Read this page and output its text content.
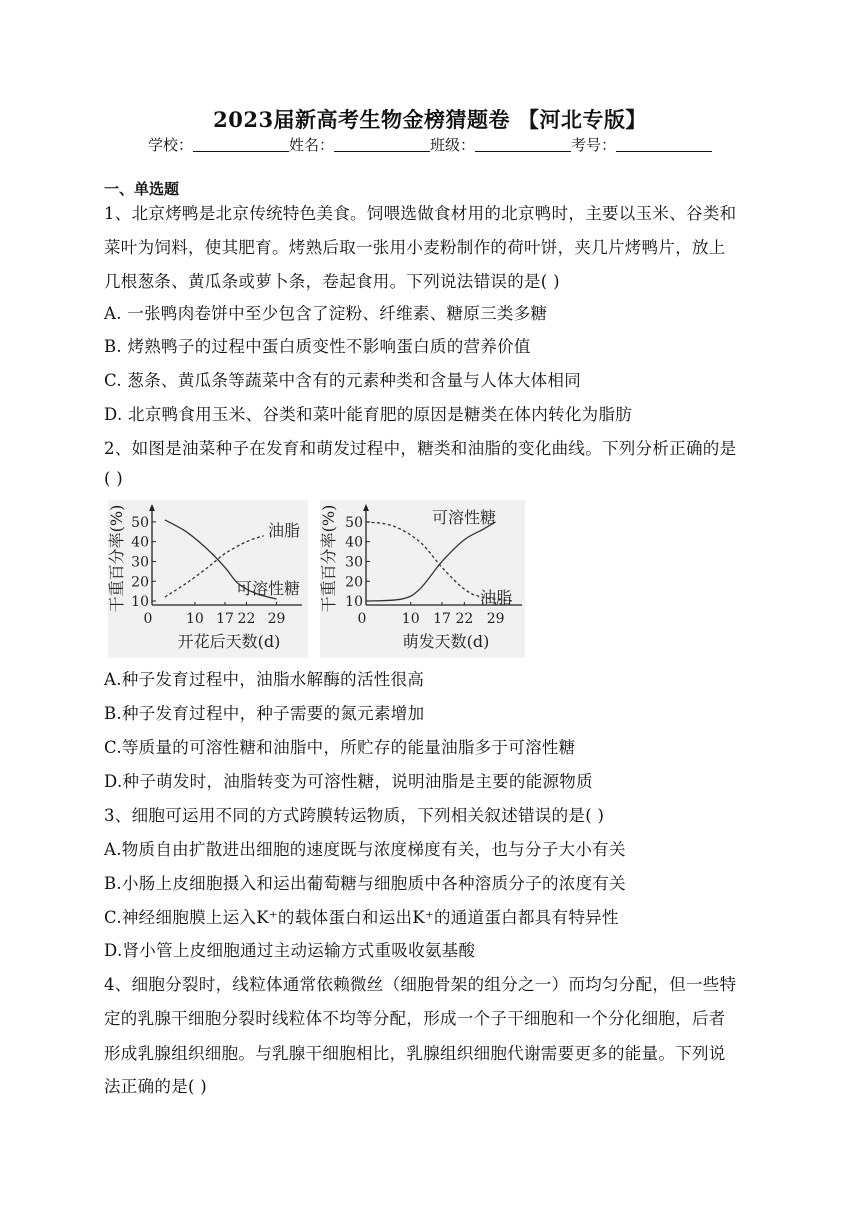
2023届新高考生物金榜猜题卷 【河北专版】
学校：	姓名：	班级：	考号：
一、单选题
1、北京烤鸭是北京传统特色美食。饲喂选做食材用的北京鸭时，主要以玉米、谷类和
菜叶为饲料，使其肥育。烤熟后取一张用小麦粉制作的荷叶饼，夹几片烤鸭片，放上
几根葱条、黄瓜条或萝卜条，卷起食用。下列说法错误的是( )
A. 一张鸭肉卷饼中至少包含了淀粉、纤维素、糖原三类多糖
B. 烤熟鸭子的过程中蛋白质变性不影响蛋白质的营养价值
C. 葱条、黄瓜条等蔬菜中含有的元素种类和含量与人体大体相同
D. 北京鸭食用玉米、谷类和菜叶能育肥的原因是糖类在体内转化为脂肪
2、如图是油菜种子在发育和萌发过程中，糖类和油脂的变化曲线。下列分析正确的是
( )
10
20
30
40
50
0 10 17 22 29
开花后天数(d)
干重百分率(%)	油脂
可溶性糖
10
20
30
40
50
0	10 17 22 29
萌发天数(d)
干重百分率(%)	可溶性糖
油脂
A.种子发育过程中，油脂水解酶的活性很高
B.种子发育过程中，种子需要的氮元素增加
C.等质量的可溶性糖和油脂中，所贮存的能量油脂多于可溶性糖
D.种子萌发时，油脂转变为可溶性糖，说明油脂是主要的能源物质
3、细胞可运用不同的方式跨膜转运物质，下列相关叙述错误的是( )
A.物质自由扩散进出细胞的速度既与浓度梯度有关，也与分子大小有关
B.小肠上皮细胞摄入和运出葡萄糖与细胞质中各种溶质分子的浓度有关
C.神经细胞膜上运入K⁺的载体蛋白和运出K⁺的通道蛋白都具有特异性
D.肾小管上皮细胞通过主动运输方式重吸收氨基酸
4、细胞分裂时，线粒体通常依赖微丝（细胞骨架的组分之一）而均匀分配，但一些特
定的乳腺干细胞分裂时线粒体不均等分配，形成一个子干细胞和一个分化细胞，后者
形成乳腺组织细胞。与乳腺干细胞相比，乳腺组织细胞代谢需要更多的能量。下列说
法正确的是( )
